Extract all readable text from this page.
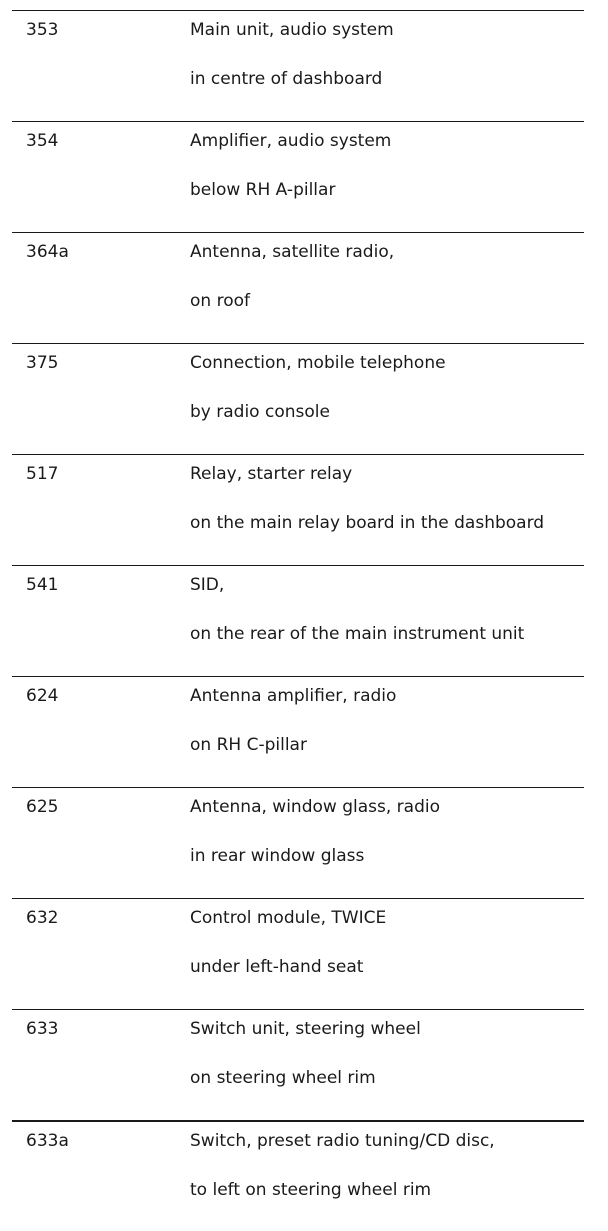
353	Main unit, audio system
in centre of dashboard
354	Amplifier, audio system
below RH A-pillar
364a	Antenna, satellite radio,
on roof
375	Connection, mobile telephone
by radio console
517	Relay, starter relay
on the main relay board in the dashboard
541	SID,
on the rear of the main instrument unit
624	Antenna amplifier, radio
on RH C-pillar
625	Antenna, window glass, radio
in rear window glass
632	Control module, TWICE
under left-hand seat
633	Switch unit, steering wheel
on steering wheel rim
633a	Switch, preset radio tuning/CD disc,
to left on steering wheel rim
